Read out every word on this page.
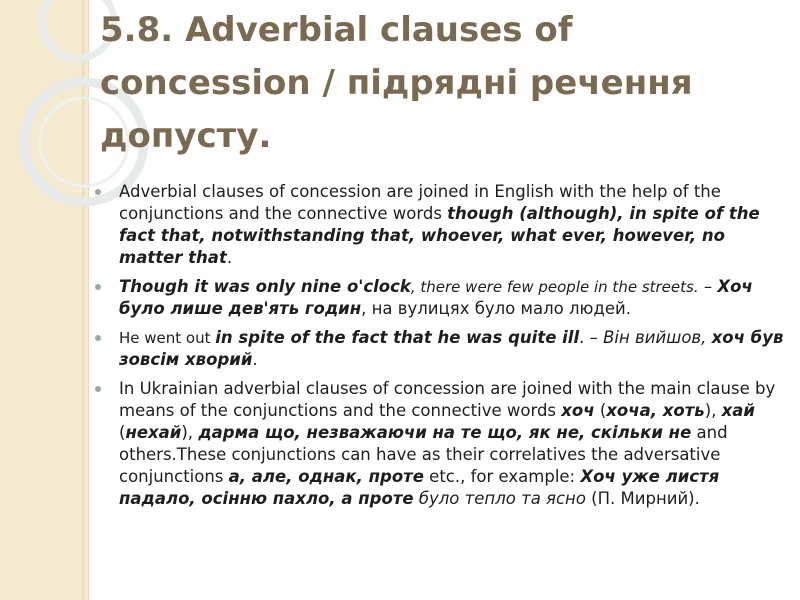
5.8. Adverbial clauses of concession / підрядні речення допусту.
Adverbial clauses of concession are joined in English with the help of the conjunctions and the connective words though (although), in spite of the fact that, notwithstanding that, whoever, what ever, however, no matter that.
Though it was only nine o'clock, there were few people in the streets. – Хоч було лише дев'ять годин, на вулицях було мало людей.
He went out in spite of the fact that he was quite ill. – Він вийшов, хоч був зовсім хворий.
In Ukrainian adverbial clauses of concession are joined with the main clause by means of the conjunctions and the connective words хоч (хоча, хоть), хай (нехай), дарма що, незважаючи на те що, як не, скільки не and others.These conjunctions can have as their correlatives the adversative conjunctions а, але, однак, проте etc., for example: Хоч уже листя падало, осінню пахло, а проте було тепло та ясно (П. Мирний).
